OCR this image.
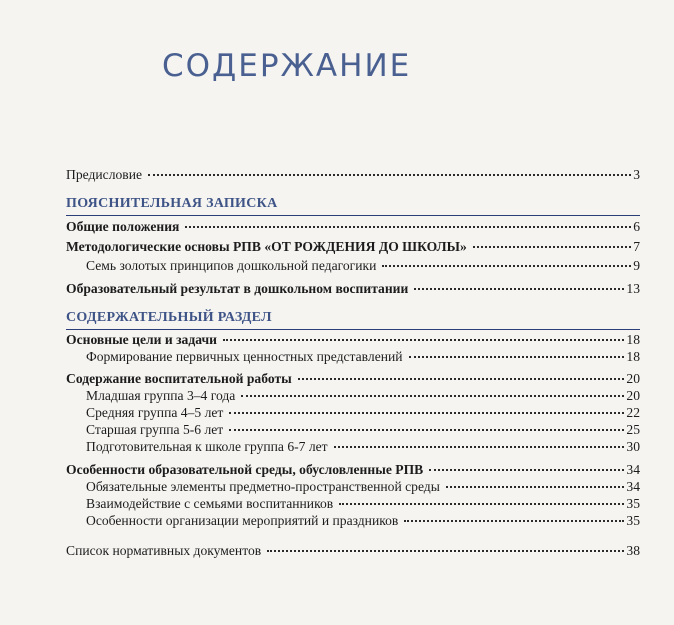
СОДЕРЖАНИЕ
Предисловие	3
ПОЯСНИТЕЛЬНАЯ ЗАПИСКА
Общие положения	6
Методологические основы РПВ «ОТ РОЖДЕНИЯ ДО ШКОЛЫ»	7
Семь золотых принципов дошкольной педагогики	9
Образовательный результат в дошкольном воспитании	13
СОДЕРЖАТЕЛЬНЫЙ РАЗДЕЛ
Основные цели и задачи	18
Формирование первичных ценностных представлений	18
Содержание воспитательной работы	20
Младшая группа 3–4 года	20
Средняя группа 4–5 лет	22
Старшая группа 5-6 лет	25
Подготовительная к школе группа 6-7 лет	30
Особенности образовательной среды, обусловленные РПВ	34
Обязательные элементы предметно-пространственной среды	34
Взаимодействие с семьями воспитанников	35
Особенности организации мероприятий и праздников	35
Список нормативных документов	38
